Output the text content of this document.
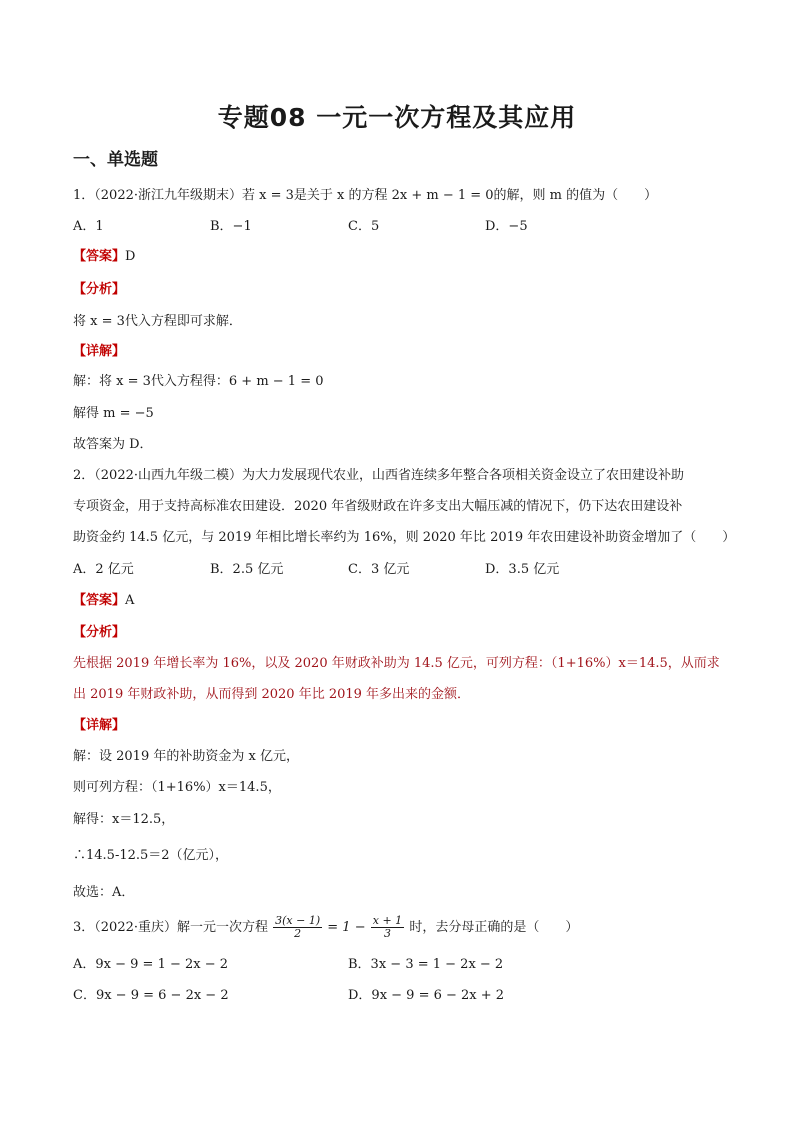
专题08 一元一次方程及其应用
一、单选题
1．（2022·浙江九年级期末）若 x = 3是关于 x 的方程 2x + m − 1 = 0的解，则 m 的值为（　　）
A．1	B．−1	C．5	D．−5
【答案】D
【分析】
将 x = 3代入方程即可求解．
【详解】
解：将 x = 3代入方程得：6 + m − 1 = 0
解得 m = −5
故答案为 D．
2．（2022·山西九年级二模）为大力发展现代农业，山西省连续多年整合各项相关资金设立了农田建设补助
专项资金，用于支持高标准农田建设．2020 年省级财政在许多支出大幅压减的情况下，仍下达农田建设补
助资金约 14.5 亿元，与 2019 年相比增长率约为 16%，则 2020 年比 2019 年农田建设补助资金增加了（　　）
A．2 亿元	B．2.5 亿元	C．3 亿元	D．3.5 亿元
【答案】A
【分析】
先根据 2019 年增长率为 16%，以及 2020 年财政补助为 14.5 亿元，可列方程：（1+16%）x＝14.5，从而求
出 2019 年财政补助，从而得到 2020 年比 2019 年多出来的金额．
【详解】
解：设 2019 年的补助资金为 x 亿元，
则可列方程：（1+16%）x＝14.5，
解得：x＝12.5，
∴14.5-12.5＝2（亿元），
故选：A．
3．（2022·重庆）解一元一次方程 $\frac{3(x - 1)}{2} = 1 - \frac{x + 1}{3}$ 时，去分母正确的是（　　）
A．9x − 9 = 1 − 2x − 2	B．3x − 3 = 1 − 2x − 2
C．9x − 9 = 6 − 2x − 2	D．9x − 9 = 6 − 2x + 2
